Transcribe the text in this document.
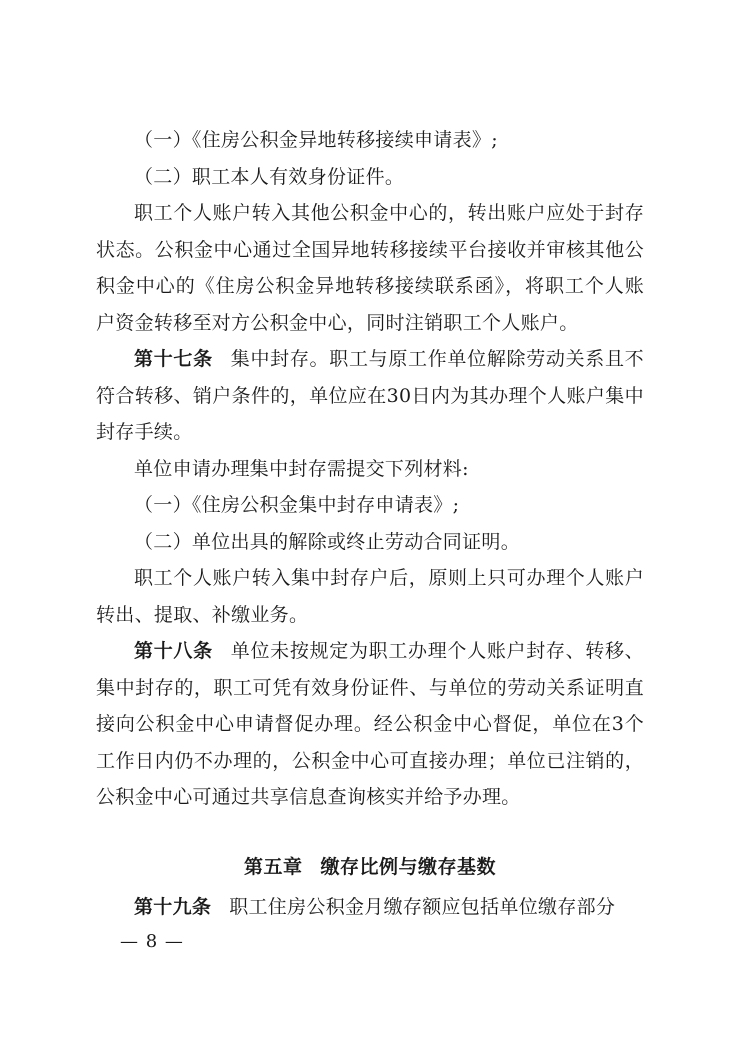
（一）《住房公积金异地转移接续申请表》;

（二）职工本人有效身份证件。

职工个人账户转入其他公积金中心的，转出账户应处于封存状态。公积金中心通过全国异地转移接续平台接收并审核其他公积金中心的《住房公积金异地转移接续联系函》，将职工个人账户资金转移至对方公积金中心，同时注销职工个人账户。

第十七条 集中封存。职工与原工作单位解除劳动关系且不符合转移、销户条件的，单位应在30日内为其办理个人账户集中封存手续。

单位申请办理集中封存需提交下列材料:

（一）《住房公积金集中封存申请表》;

（二）单位出具的解除或终止劳动合同证明。

职工个人账户转入集中封存户后，原则上只可办理个人账户转出、提取、补缴业务。

第十八条 单位未按规定为职工办理个人账户封存、转移、集中封存的，职工可凭有效身份证件、与单位的劳动关系证明直接向公积金中心申请督促办理。经公积金中心督促，单位在3个工作日内仍不办理的，公积金中心可直接办理；单位已注销的，公积金中心可通过共享信息查询核实并给予办理。

第五章 缴存比例与缴存基数

第十九条 职工住房公积金月缴存额应包括单位缴存部分

— 8 —
